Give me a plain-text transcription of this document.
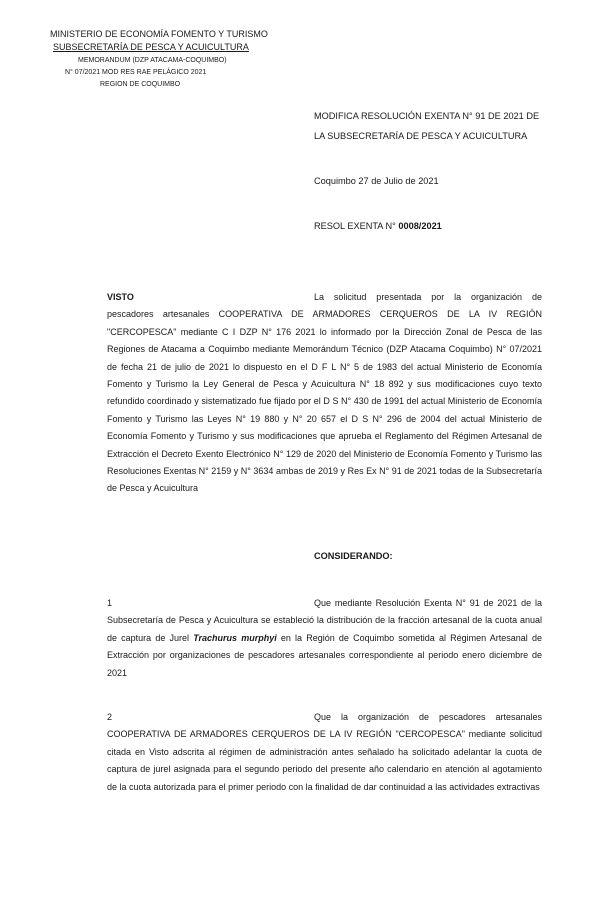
MINISTERIO DE ECONOMÍA FOMENTO Y TURISMO
SUBSECRETARÍA DE PESCA Y ACUICULTURA
MEMORANDUM (DZP ATACAMA-COQUIMBO)
N° 07/2021 MOD RES RAE PELÁGICO 2021
REGION DE COQUIMBO
MODIFICA RESOLUCIÓN EXENTA N° 91 DE 2021 DE
LA SUBSECRETARÍA DE PESCA Y ACUICULTURA
Coquimbo 27 de Julio de 2021
RESOL EXENTA N° 0008/2021
VISTO	La solicitud presentada por la organización de pescadores artesanales COOPERATIVA DE ARMADORES CERQUEROS DE LA IV REGIÓN "CERCOPESCA" mediante C I DZP N° 176 2021 lo informado por la Dirección Zonal de Pesca de las Regiones de Atacama a Coquimbo mediante Memorándum Técnico (DZP Atacama Coquimbo) N° 07/2021 de fecha 21 de julio de 2021 lo dispuesto en el D F L N° 5 de 1983 del actual Ministerio de Economía Fomento y Turismo la Ley General de Pesca y Acuicultura N° 18 892 y sus modificaciones cuyo texto refundido coordinado y sistematizado fue fijado por el D S N° 430 de 1991 del actual Ministerio de Economía Fomento y Turismo las Leyes N° 19 880 y N° 20 657 el D S N° 296 de 2004 del actual Ministerio de Economía Fomento y Turismo y sus modificaciones que aprueba el Reglamento del Régimen Artesanal de Extracción el Decreto Exento Electrónico N° 129 de 2020 del Ministerio de Economía Fomento y Turismo las Resoluciones Exentas N° 2159 y N° 3634 ambas de 2019 y Res Ex N° 91 de 2021 todas de la Subsecretaría de Pesca y Acuicultura
CONSIDERANDO:
1	Que mediante Resolución Exenta N° 91 de 2021 de la Subsecretaría de Pesca y Acuicultura se estableció la distribución de la fracción artesanal de la cuota anual de captura de Jurel Trachurus murphyi en la Región de Coquimbo sometida al Régimen Artesanal de Extracción por organizaciones de pescadores artesanales correspondiente al periodo enero diciembre de 2021
2	Que la organización de pescadores artesanales COOPERATIVA DE ARMADORES CERQUEROS DE LA IV REGIÓN "CERCOPESCA" mediante solicitud citada en Visto adscrita al régimen de administración antes señalado ha solicitado adelantar la cuota de captura de jurel asignada para el segundo periodo del presente año calendario en atención al agotamiento de la cuota autorizada para el primer periodo con la finalidad de dar continuidad a las actividades extractivas
